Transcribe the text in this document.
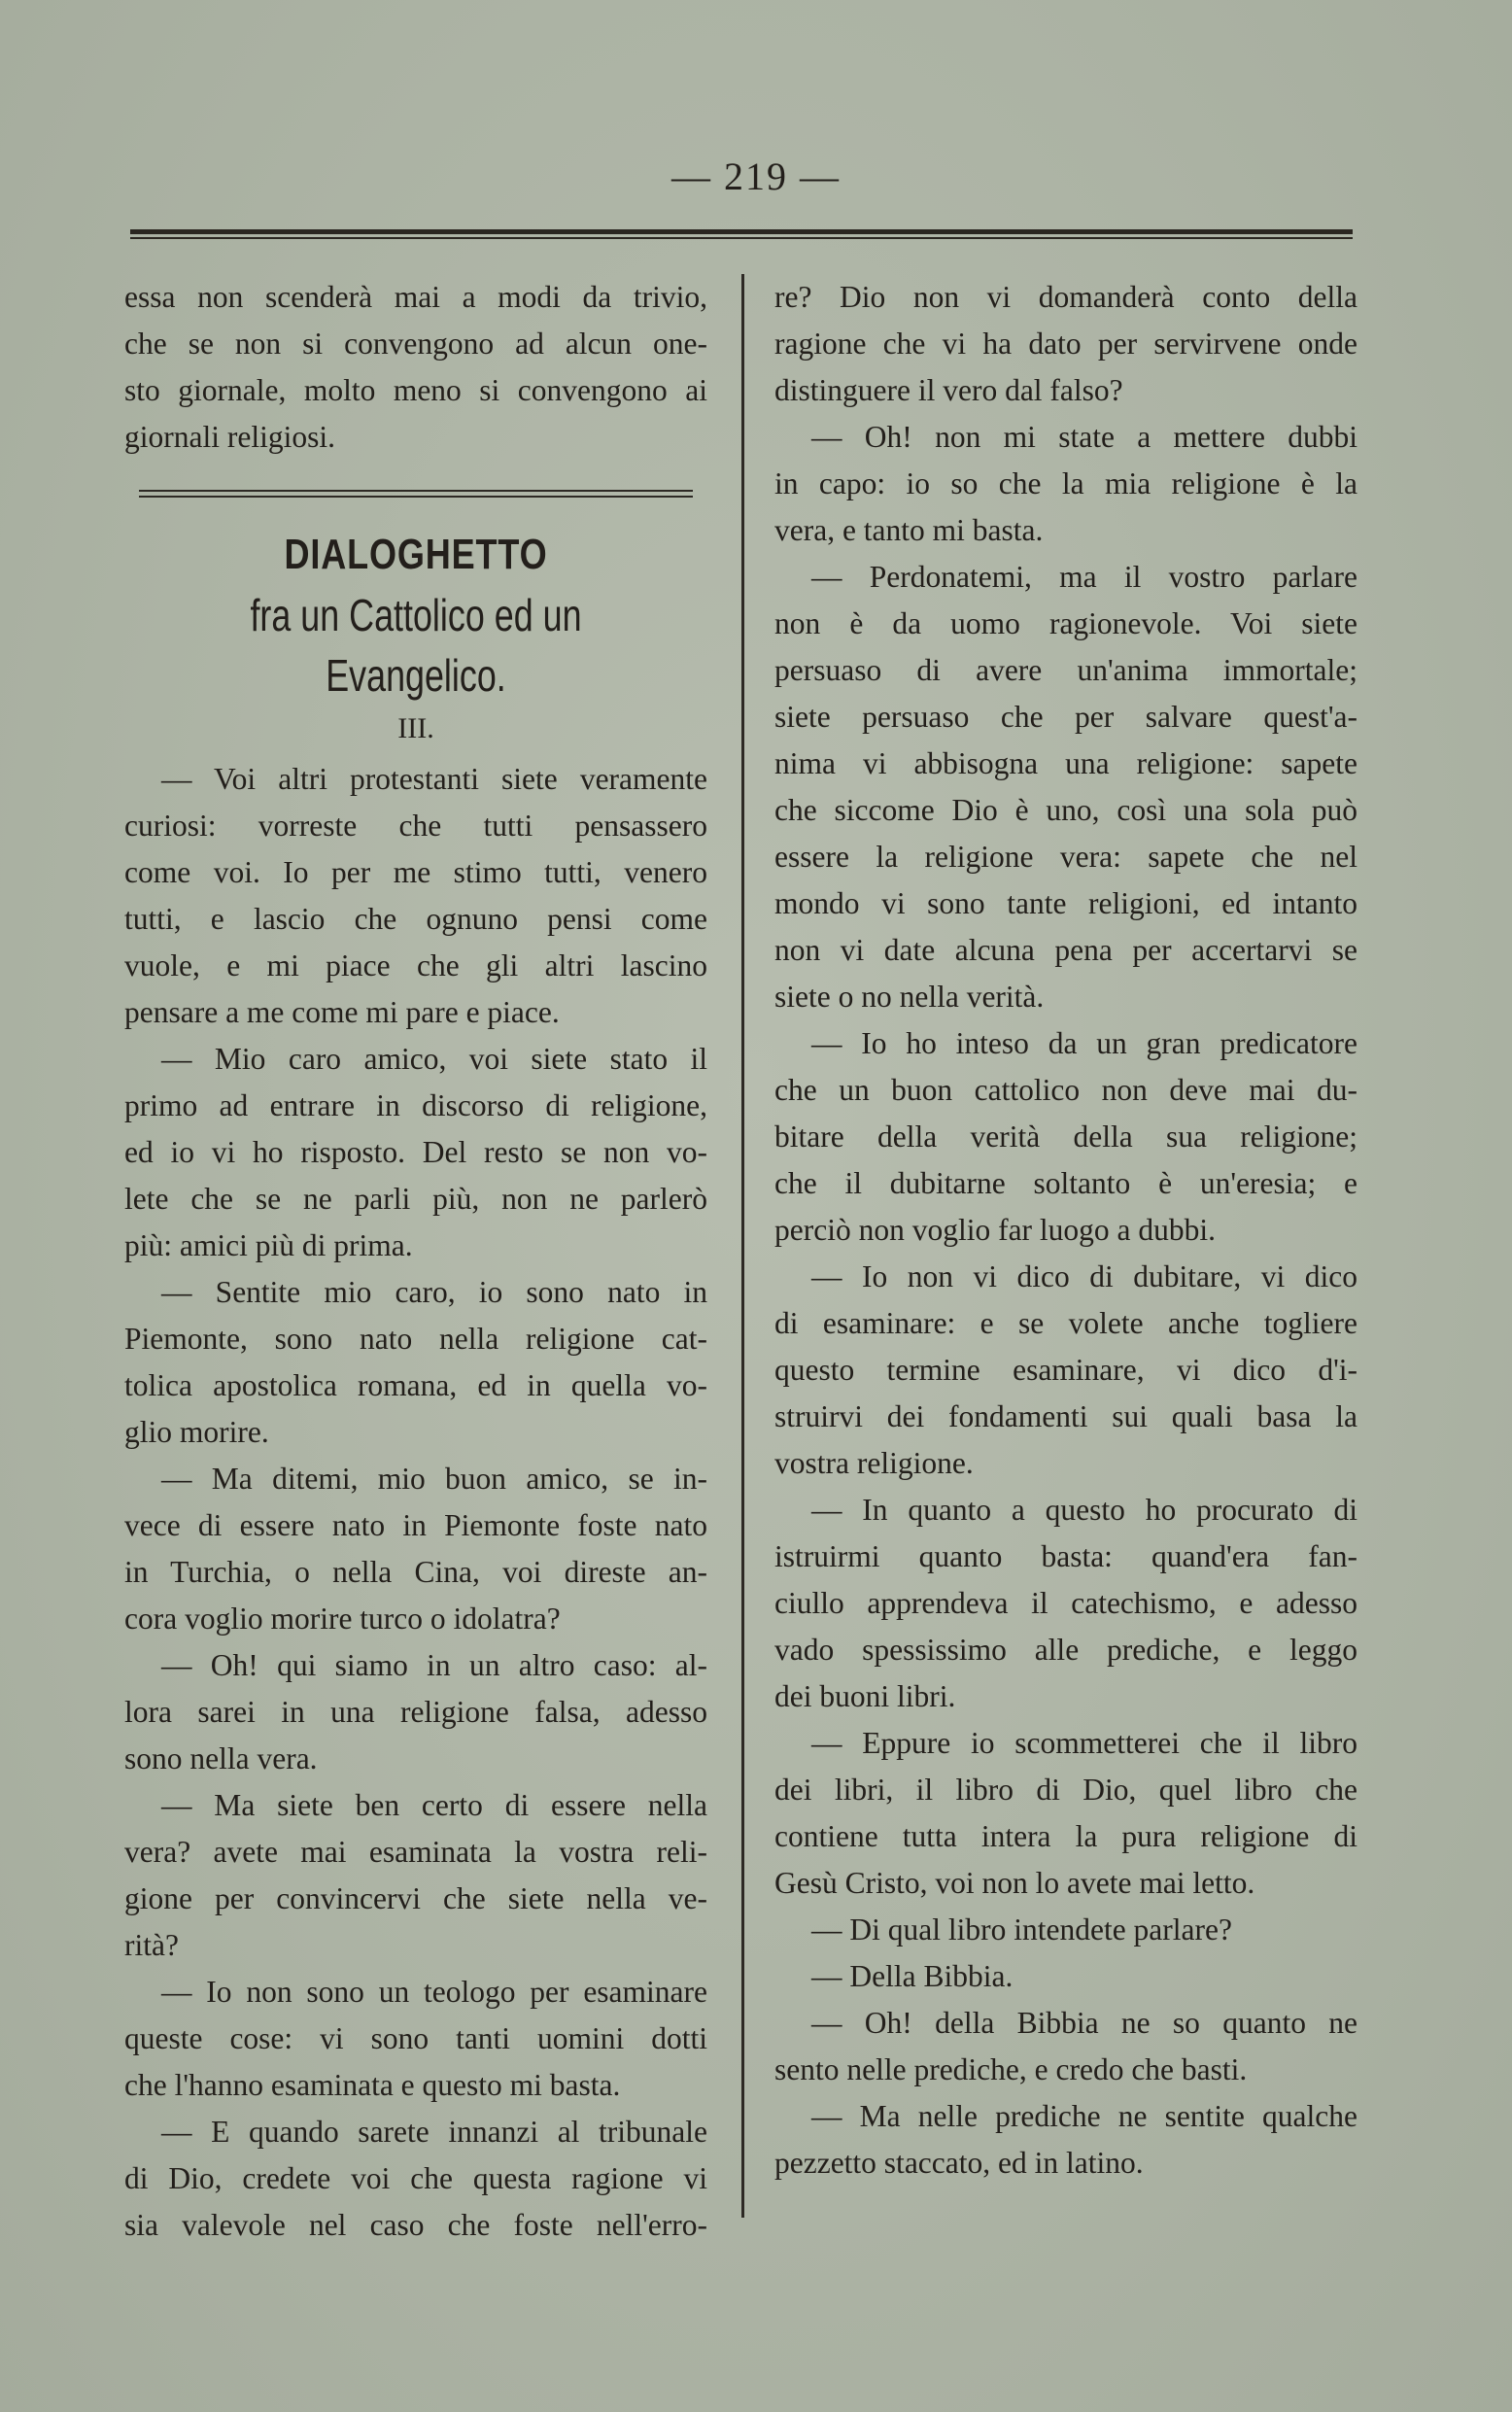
— 219 —
essa non scenderà mai a modi da trivio,
che se non si convengono ad alcun one-
sto giornale, molto meno si convengono ai
giornali religiosi.
DIALOGHETTO
fra un Cattolico ed un Evangelico.
III.
— Voi altri protestanti siete veramente
curiosi: vorreste che tutti pensassero
come voi. Io per me stimo tutti, venero
tutti, e lascio che ognuno pensi come
vuole, e mi piace che gli altri lascino
pensare a me come mi pare e piace.
— Mio caro amico, voi siete stato il
primo ad entrare in discorso di religione,
ed io vi ho risposto. Del resto se non vo-
lete che se ne parli più, non ne parlerò
più: amici più di prima.
— Sentite mio caro, io sono nato in
Piemonte, sono nato nella religione cat-
tolica apostolica romana, ed in quella vo-
glio morire.
— Ma ditemi, mio buon amico, se in-
vece di essere nato in Piemonte foste nato
in Turchia, o nella Cina, voi direste an-
cora voglio morire turco o idolatra?
— Oh! qui siamo in un altro caso: al-
lora sarei in una religione falsa, adesso
sono nella vera.
— Ma siete ben certo di essere nella
vera? avete mai esaminata la vostra reli-
gione per convincervi che siete nella ve-
rità?
— Io non sono un teologo per esaminare
queste cose: vi sono tanti uomini dotti
che l'hanno esaminata e questo mi basta.
— E quando sarete innanzi al tribunale
di Dio, credete voi che questa ragione vi
sia valevole nel caso che foste nell'erro-
re? Dio non vi domanderà conto della
ragione che vi ha dato per servirvene onde
distinguere il vero dal falso?
— Oh! non mi state a mettere dubbi
in capo: io so che la mia religione è la
vera, e tanto mi basta.
— Perdonatemi, ma il vostro parlare
non è da uomo ragionevole. Voi siete
persuaso di avere un'anima immortale;
siete persuaso che per salvare quest'a-
nima vi abbisogna una religione: sapete
che siccome Dio è uno, così una sola può
essere la religione vera: sapete che nel
mondo vi sono tante religioni, ed intanto
non vi date alcuna pena per accertarvi se
siete o no nella verità.
— Io ho inteso da un gran predicatore
che un buon cattolico non deve mai du-
bitare della verità della sua religione;
che il dubitarne soltanto è un'eresia; e
perciò non voglio far luogo a dubbi.
— Io non vi dico di dubitare, vi dico
di esaminare: e se volete anche togliere
questo termine esaminare, vi dico d'i-
struirvi dei fondamenti sui quali basa la
vostra religione.
— In quanto a questo ho procurato di
istruirmi quanto basta: quand'era fan-
ciullo apprendeva il catechismo, e adesso
vado spessissimo alle prediche, e leggo
dei buoni libri.
— Eppure io scommetterei che il libro
dei libri, il libro di Dio, quel libro che
contiene tutta intera la pura religione di
Gesù Cristo, voi non lo avete mai letto.
— Di qual libro intendete parlare?
— Della Bibbia.
— Oh! della Bibbia ne so quanto ne
sento nelle prediche, e credo che basti.
— Ma nelle prediche ne sentite qualche
pezzetto staccato, ed in latino.
